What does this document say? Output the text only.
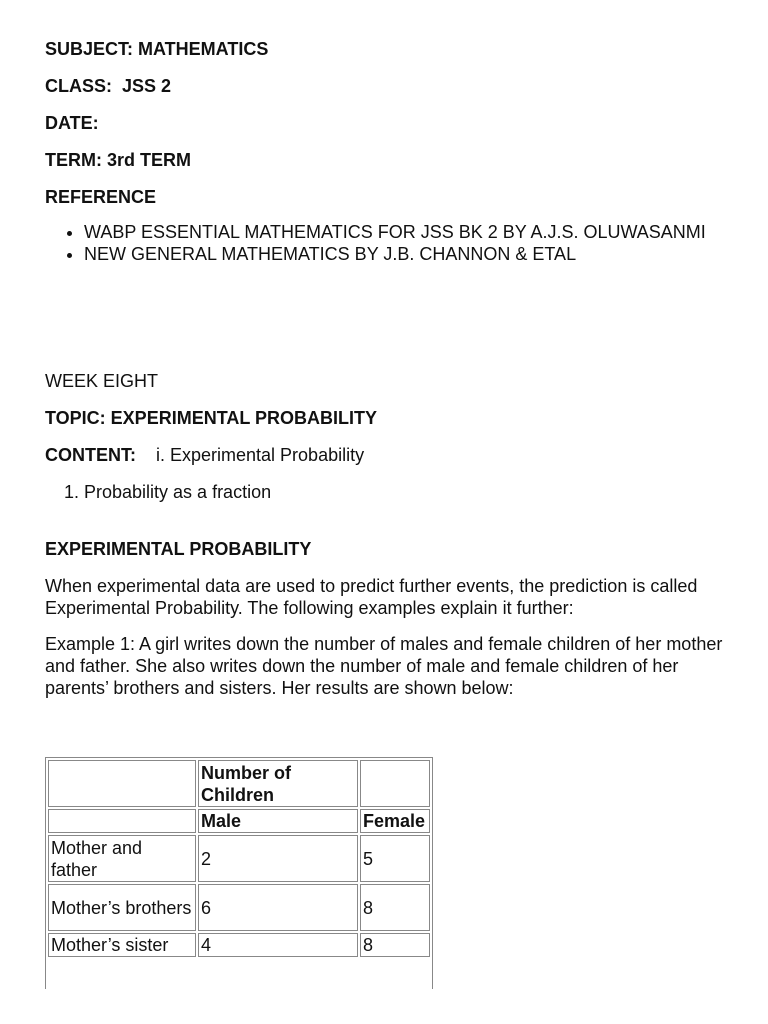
SUBJECT: MATHEMATICS
CLASS:  JSS 2
DATE:
TERM: 3rd TERM
REFERENCE
• WABP ESSENTIAL MATHEMATICS FOR JSS BK 2 BY A.J.S. OLUWASANMI
• NEW GENERAL MATHEMATICS BY J.B. CHANNON & ETAL
WEEK EIGHT
TOPIC: EXPERIMENTAL PROBABILITY
CONTENT: i. Experimental Probability
1. Probability as a fraction
EXPERIMENTAL PROBABILITY
When experimental data are used to predict further events, the prediction is called Experimental Probability. The following examples explain it further:
Example 1: A girl writes down the number of males and female children of her mother and father. She also writes down the number of male and female children of her parents’ brothers and sisters. Her results are shown below:
	Number of Children	
	Male	Female
Mother and father	2	5
Mother’s brothers	6	8
Mother’s sister	4	8
